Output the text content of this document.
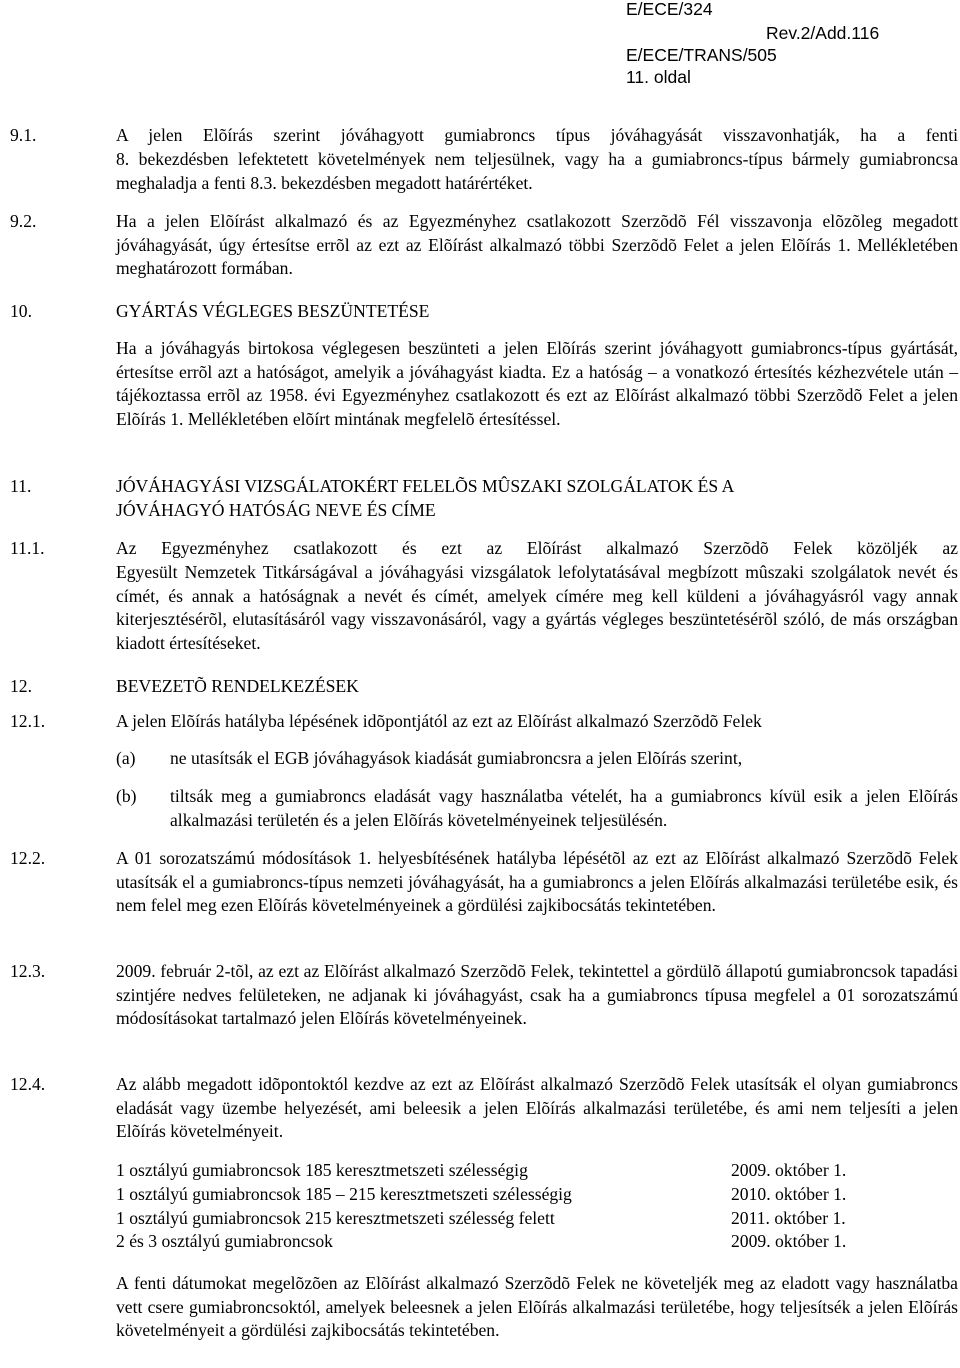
E/ECE/324
Rev.2/Add.116
E/ECE/TRANS/505
11. oldal
9.1.	A jelen Elõírás szerint jóváhagyott gumiabroncs típus jóváhagyását visszavonhatják, ha a fenti
8. bekezdésben lefektetett követelmények nem teljesülnek, vagy ha a gumiabroncs-típus bármely gumiabroncsa meghaladja a fenti 8.3. bekezdésben megadott határértéket.
9.2.	Ha a jelen Elõírást alkalmazó és az Egyezményhez csatlakozott Szerzõdõ Fél visszavonja elõzõleg megadott jóváhagyását, úgy értesítse errõl az ezt az Elõírást alkalmazó többi Szerzõdõ Felet a jelen Elõírás 1. Mellékletében meghatározott formában.
10.	GYÁRTÁS VÉGLEGES BESZÜNTETÉSE
Ha a jóváhagyás birtokosa véglegesen beszünteti a jelen Elõírás szerint jóváhagyott gumiabroncs-típus gyártását, értesítse errõl azt a hatóságot, amelyik a jóváhagyást kiadta. Ez a hatóság – a vonatkozó értesítés kézhezvétele után – tájékoztassa errõl az 1958. évi Egyezményhez csatlakozott és ezt az Elõírást alkalmazó többi Szerzõdõ Felet a jelen Elõírás 1. Mellékletében elõírt mintának megfelelõ értesítéssel.
11.	JÓVÁHAGYÁSI VIZSGÁLATOKÉRT FELELÕS MÛSZAKI SZOLGÁLATOK ÉS A
JÓVÁHAGYÓ HATÓSÁG NEVE ÉS CÍME
11.1.	Az Egyezményhez csatlakozott és ezt az Elõírást alkalmazó Szerzõdõ Felek közöljék az
Egyesült Nemzetek Titkárságával a jóváhagyási vizsgálatok lefolytatásával megbízott mûszaki szolgálatok nevét és címét, és annak a hatóságnak a nevét és címét, amelyek címére meg kell küldeni a jóváhagyásról vagy annak kiterjesztésérõl, elutasításáról vagy visszavonásáról, vagy a gyártás végleges beszüntetésérõl szóló, de más országban kiadott értesítéseket.
12.	BEVEZETÕ RENDELKEZÉSEK
12.1.	A jelen Elõírás hatályba lépésének idõpontjától az ezt az Elõírást alkalmazó Szerzõdõ Felek
(a) ne utasítsák el EGB jóváhagyások kiadását gumiabroncsra a jelen Elõírás szerint,
(b) tiltsák meg a gumiabroncs eladását vagy használatba vételét, ha a gumiabroncs kívül esik a jelen Elõírás alkalmazási területén és a jelen Elõírás követelményeinek teljesülésén.
12.2.	A 01 sorozatszámú módosítások 1. helyesbítésének hatályba lépésétõl az ezt az Elõírást alkalmazó Szerzõdõ Felek utasítsák el a gumiabroncs-típus nemzeti jóváhagyását, ha a gumiabroncs a jelen Elõírás alkalmazási területébe esik, és nem felel meg ezen Elõírás követelményeinek a gördülési zajkibocsátás tekintetében.
12.3.	2009. február 2-tõl, az ezt az Elõírást alkalmazó Szerzõdõ Felek, tekintettel a gördülõ állapotú gumiabroncsok tapadási szintjére nedves felületeken, ne adjanak ki jóváhagyást, csak ha a gumiabroncs típusa megfelel a 01 sorozatszámú módosításokat tartalmazó jelen Elõírás követelményeinek.
12.4.	Az alább megadott idõpontoktól kezdve az ezt az Elõírást alkalmazó Szerzõdõ Felek utasítsák el olyan gumiabroncs eladását vagy üzembe helyezését, ami beleesik a jelen Elõírás alkalmazási területébe, és ami nem teljesíti a jelen Elõírás követelményeit.
1 osztályú gumiabroncsok 185 keresztmetszeti szélességig	2009. október 1.
1 osztályú gumiabroncsok 185 – 215 keresztmetszeti szélességig	2010. október 1.
1 osztályú gumiabroncsok 215 keresztmetszeti szélesség felett	2011. október 1.
2 és 3 osztályú gumiabroncsok	2009. október 1.
A fenti dátumokat megelõzõen az Elõírást alkalmazó Szerzõdõ Felek ne követeljék meg az eladott vagy használatba vett csere gumiabroncsoktól, amelyek beleesnek a jelen Elõírás alkalmazási területébe, hogy teljesítsék a jelen Elõírás követelményeit a gördülési zajkibocsátás tekintetében.
